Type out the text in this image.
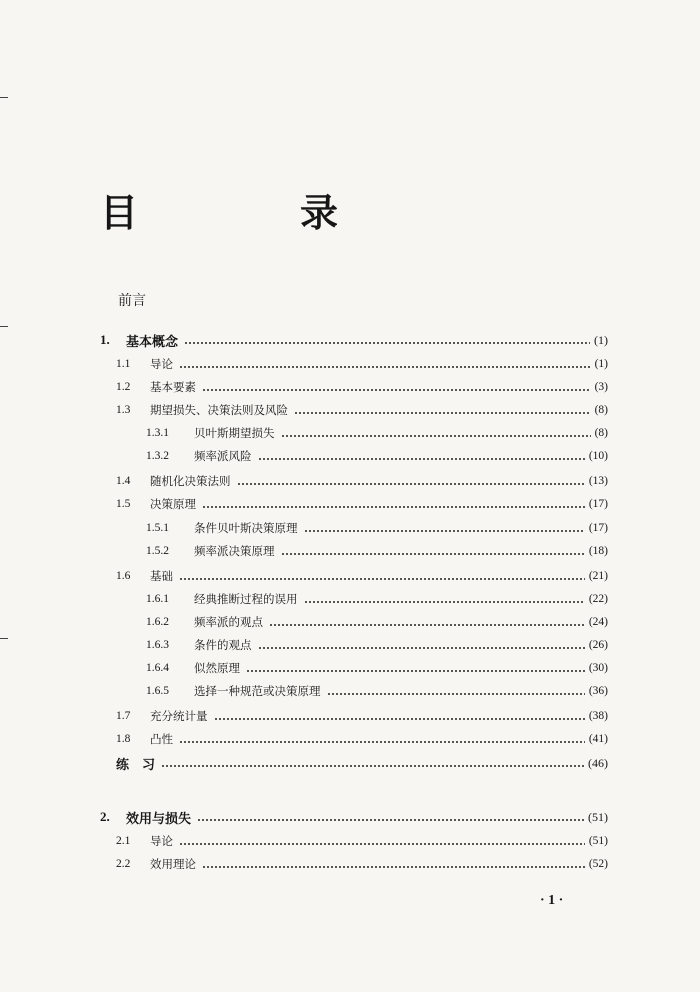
目　录
前言
1.	基本概念	(1)
1.1	导论	(1)
1.2	基本要素	(3)
1.3	期望损失、决策法则及风险	(8)
1.3.1	贝叶斯期望损失	(8)
1.3.2	频率派风险	(10)
1.4	随机化决策法则	(13)
1.5	决策原理	(17)
1.5.1	条件贝叶斯决策原理	(17)
1.5.2	频率派决策原理	(18)
1.6	基础	(21)
1.6.1	经典推断过程的误用	(22)
1.6.2	频率派的观点	(24)
1.6.3	条件的观点	(26)
1.6.4	似然原理	(30)
1.6.5	选择一种规范或决策原理	(36)
1.7	充分统计量	(38)
1.8	凸性	(41)
练　习	(46)
2.	效用与损失	(51)
2.1	导论	(51)
2.2	效用理论	(52)
· 1 ·
